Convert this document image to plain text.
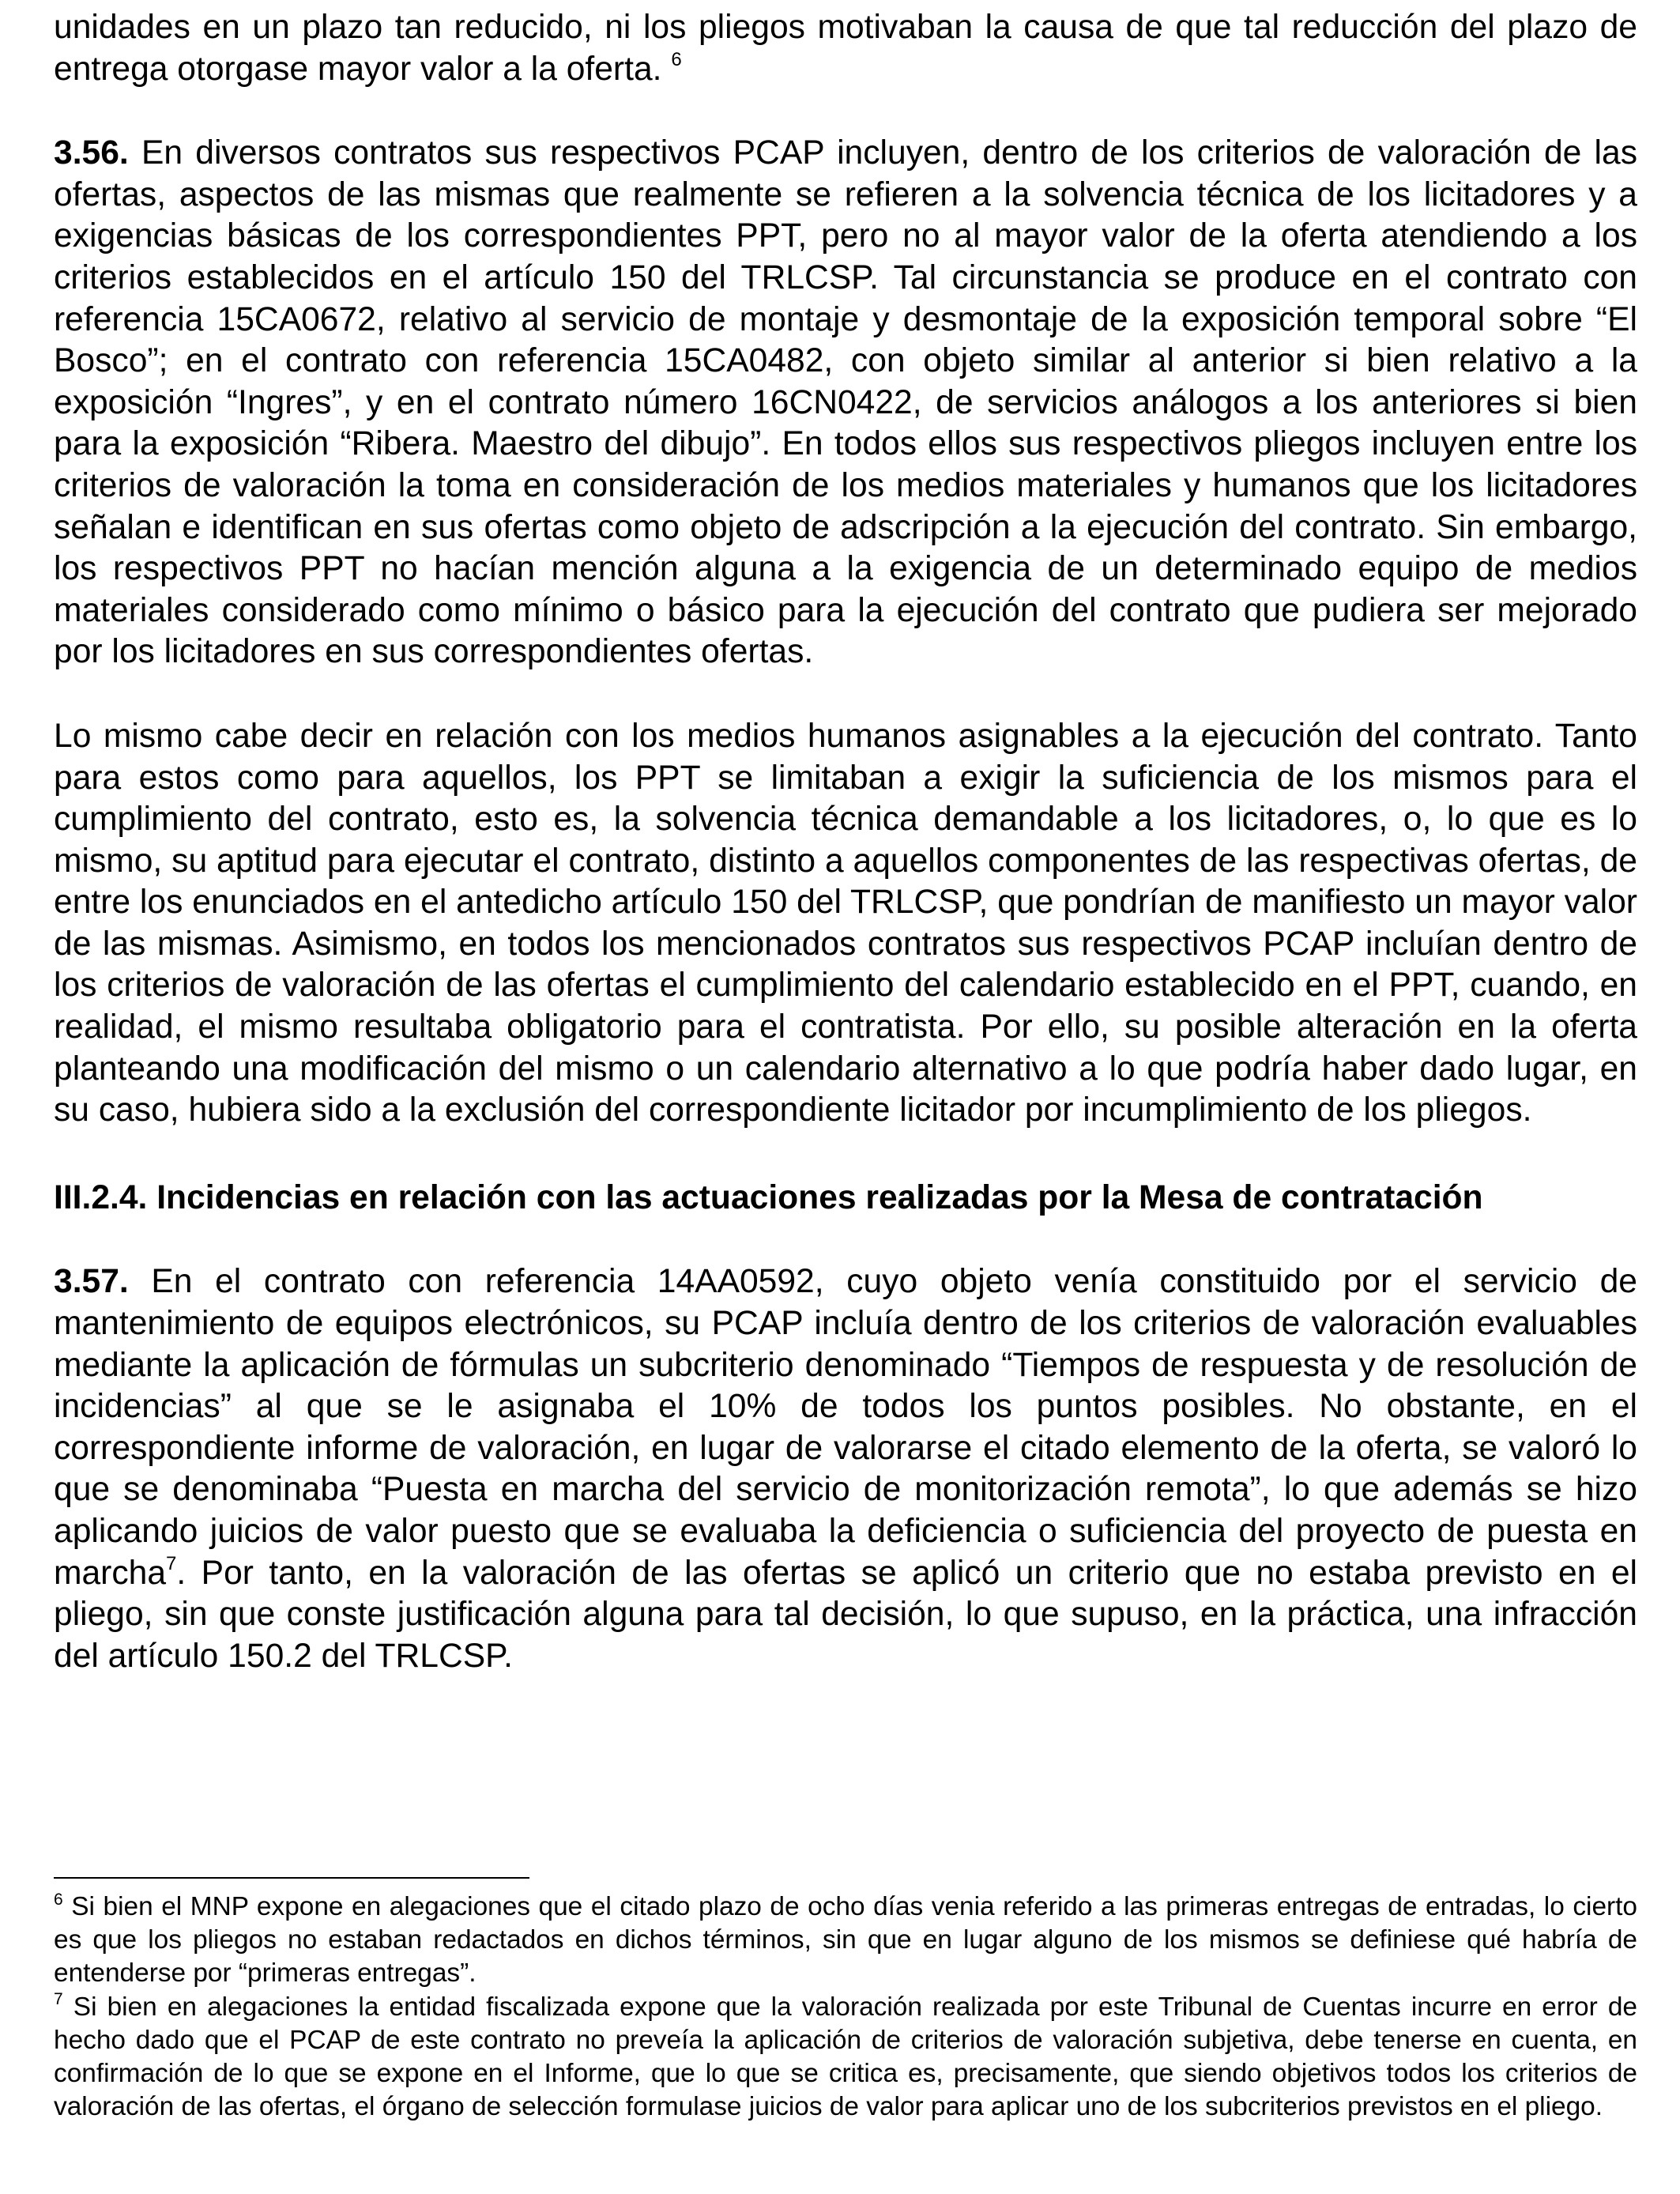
unidades en un plazo tan reducido, ni los pliegos motivaban la causa de que tal reducción del plazo de entrega otorgase mayor valor a la oferta. $^6$

3.56. En diversos contratos sus respectivos PCAP incluyen, dentro de los criterios de valoración de las ofertas, aspectos de las mismas que realmente se refieren a la solvencia técnica de los licitadores y a exigencias básicas de los correspondientes PPT, pero no al mayor valor de la oferta atendiendo a los criterios establecidos en el artículo 150 del TRLCSP. Tal circunstancia se produce en el contrato con referencia 15CA0672, relativo al servicio de montaje y desmontaje de la exposición temporal sobre “El Bosco”; en el contrato con referencia 15CA0482, con objeto similar al anterior si bien relativo a la exposición “Ingres”, y en el contrato número 16CN0422, de servicios análogos a los anteriores si bien para la exposición “Ribera. Maestro del dibujo”. En todos ellos sus respectivos pliegos incluyen entre los criterios de valoración la toma en consideración de los medios materiales y humanos que los licitadores señalan e identifican en sus ofertas como objeto de adscripción a la ejecución del contrato. Sin embargo, los respectivos PPT no hacían mención alguna a la exigencia de un determinado equipo de medios materiales considerado como mínimo o básico para la ejecución del contrato que pudiera ser mejorado por los licitadores en sus correspondientes ofertas.

Lo mismo cabe decir en relación con los medios humanos asignables a la ejecución del contrato. Tanto para estos como para aquellos, los PPT se limitaban a exigir la suficiencia de los mismos para el cumplimiento del contrato, esto es, la solvencia técnica demandable a los licitadores, o, lo que es lo mismo, su aptitud para ejecutar el contrato, distinto a aquellos componentes de las respectivas ofertas, de entre los enunciados en el antedicho artículo 150 del TRLCSP, que pondrían de manifiesto un mayor valor de las mismas. Asimismo, en todos los mencionados contratos sus respectivos PCAP incluían dentro de los criterios de valoración de las ofertas el cumplimiento del calendario establecido en el PPT, cuando, en realidad, el mismo resultaba obligatorio para el contratista. Por ello, su posible alteración en la oferta planteando una modificación del mismo o un calendario alternativo a lo que podría haber dado lugar, en su caso, hubiera sido a la exclusión del correspondiente licitador por incumplimiento de los pliegos.

III.2.4. Incidencias en relación con las actuaciones realizadas por la Mesa de contratación

3.57. En el contrato con referencia 14AA0592, cuyo objeto venía constituido por el servicio de mantenimiento de equipos electrónicos, su PCAP incluía dentro de los criterios de valoración evaluables mediante la aplicación de fórmulas un subcriterio denominado “Tiempos de respuesta y de resolución de incidencias” al que se le asignaba el 10% de todos los puntos posibles. No obstante, en el correspondiente informe de valoración, en lugar de valorarse el citado elemento de la oferta, se valoró lo que se denominaba “Puesta en marcha del servicio de monitorización remota”, lo que además se hizo aplicando juicios de valor puesto que se evaluaba la deficiencia o suficiencia del proyecto de puesta en marcha$^7$. Por tanto, en la valoración de las ofertas se aplicó un criterio que no estaba previsto en el pliego, sin que conste justificación alguna para tal decisión, lo que supuso, en la práctica, una infracción del artículo 150.2 del TRLCSP.

$^6$ Si bien el MNP expone en alegaciones que el citado plazo de ocho días venia referido a las primeras entregas de entradas, lo cierto es que los pliegos no estaban redactados en dichos términos, sin que en lugar alguno de los mismos se definiese qué habría de entenderse por “primeras entregas”.

$^7$ Si bien en alegaciones la entidad fiscalizada expone que la valoración realizada por este Tribunal de Cuentas incurre en error de hecho dado que el PCAP de este contrato no preveía la aplicación de criterios de valoración subjetiva, debe tenerse en cuenta, en confirmación de lo que se expone en el Informe, que lo que se critica es, precisamente, que siendo objetivos todos los criterios de valoración de las ofertas, el órgano de selección formulase juicios de valor para aplicar uno de los subcriterios previstos en el pliego.
